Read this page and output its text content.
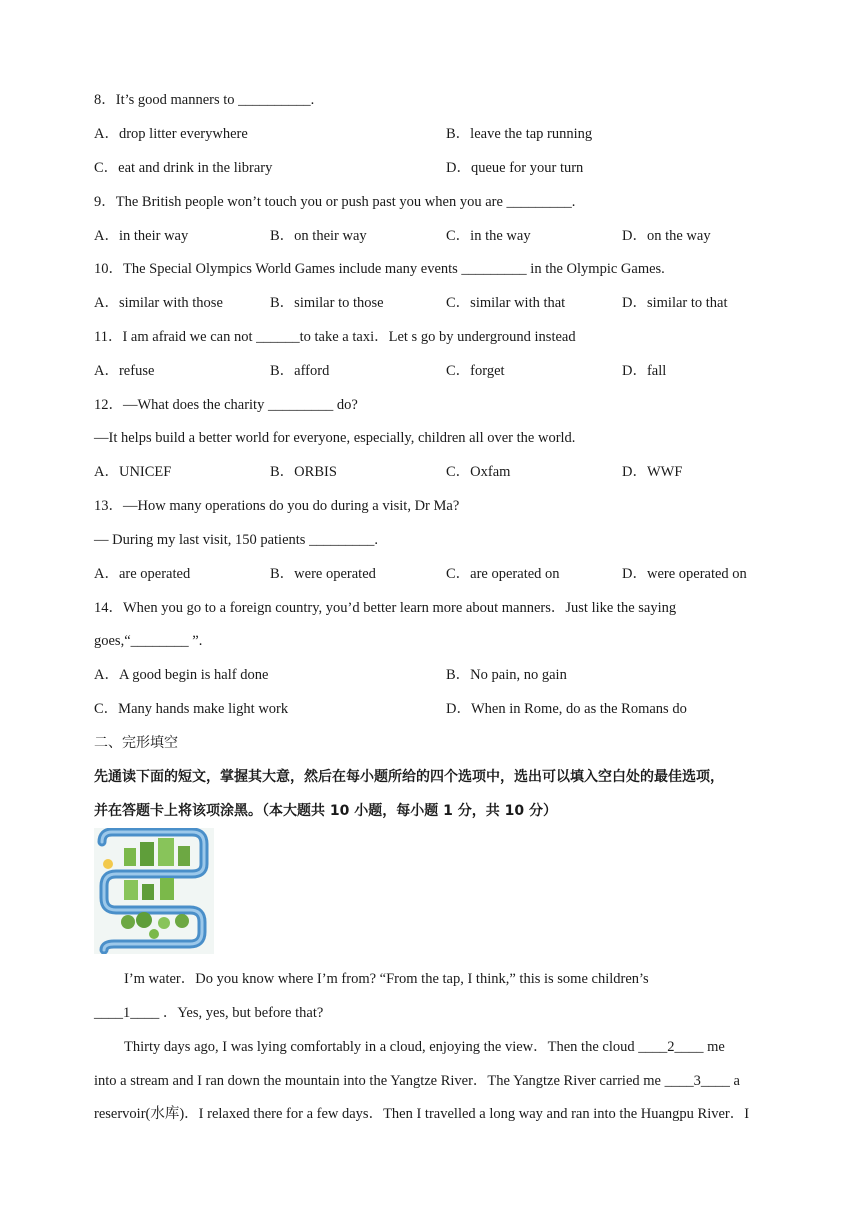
8．It’s good manners to __________.
A．drop litter everywhere	B．leave the tap running
C．eat and drink in the library	D．queue for your turn
9．The British people won’t touch you or push past you when you are _________.
A．in their way	B．on their way	C．in the way	D．on the way
10．The Special Olympics World Games include many events _________ in the Olympic Games.
A．similar with those	B．similar to those	C．similar with that	D．similar to that
11．I am afraid we can not ______to take a taxi．Let s go by underground instead
A．refuse	B．afford	C．forget	D．fall
12．—What does the charity _________ do?
—It helps build a better world for everyone, especially, children all over the world.
A．UNICEF	B．ORBIS	C．Oxfam	D．WWF
13．—How many operations do you do during a visit, Dr Ma?
— During my last visit, 150 patients _________.
A．are operated	B．were operated	C．are operated on	D．were operated on
14．When you go to a foreign country, you’d better learn more about manners．Just like the saying
goes,“________ ”.
A．A good begin is half done	B．No pain, no gain
C．Many hands make light work	D．When in Rome, do as the Romans do
二、完形填空
先通读下面的短文，掌握其大意，然后在每小题所给的四个选项中，选出可以填入空白处的最佳选项，
并在答题卡上将该项涂黑。（本大题共 10 小题，每小题 1 分，共 10 分）
I’m water．Do you know where I’m from? “From the tap, I think,” this is some children’s
____1____ ．Yes, yes, but before that?
Thirty days ago, I was lying comfortably in a cloud, enjoying the view．Then the cloud ____2____ me
into a stream and I ran down the mountain into the Yangtze River．The Yangtze River carried me ____3____ a
reservoir(水库)．I relaxed there for a few days．Then I travelled a long way and ran into the Huangpu River．I
